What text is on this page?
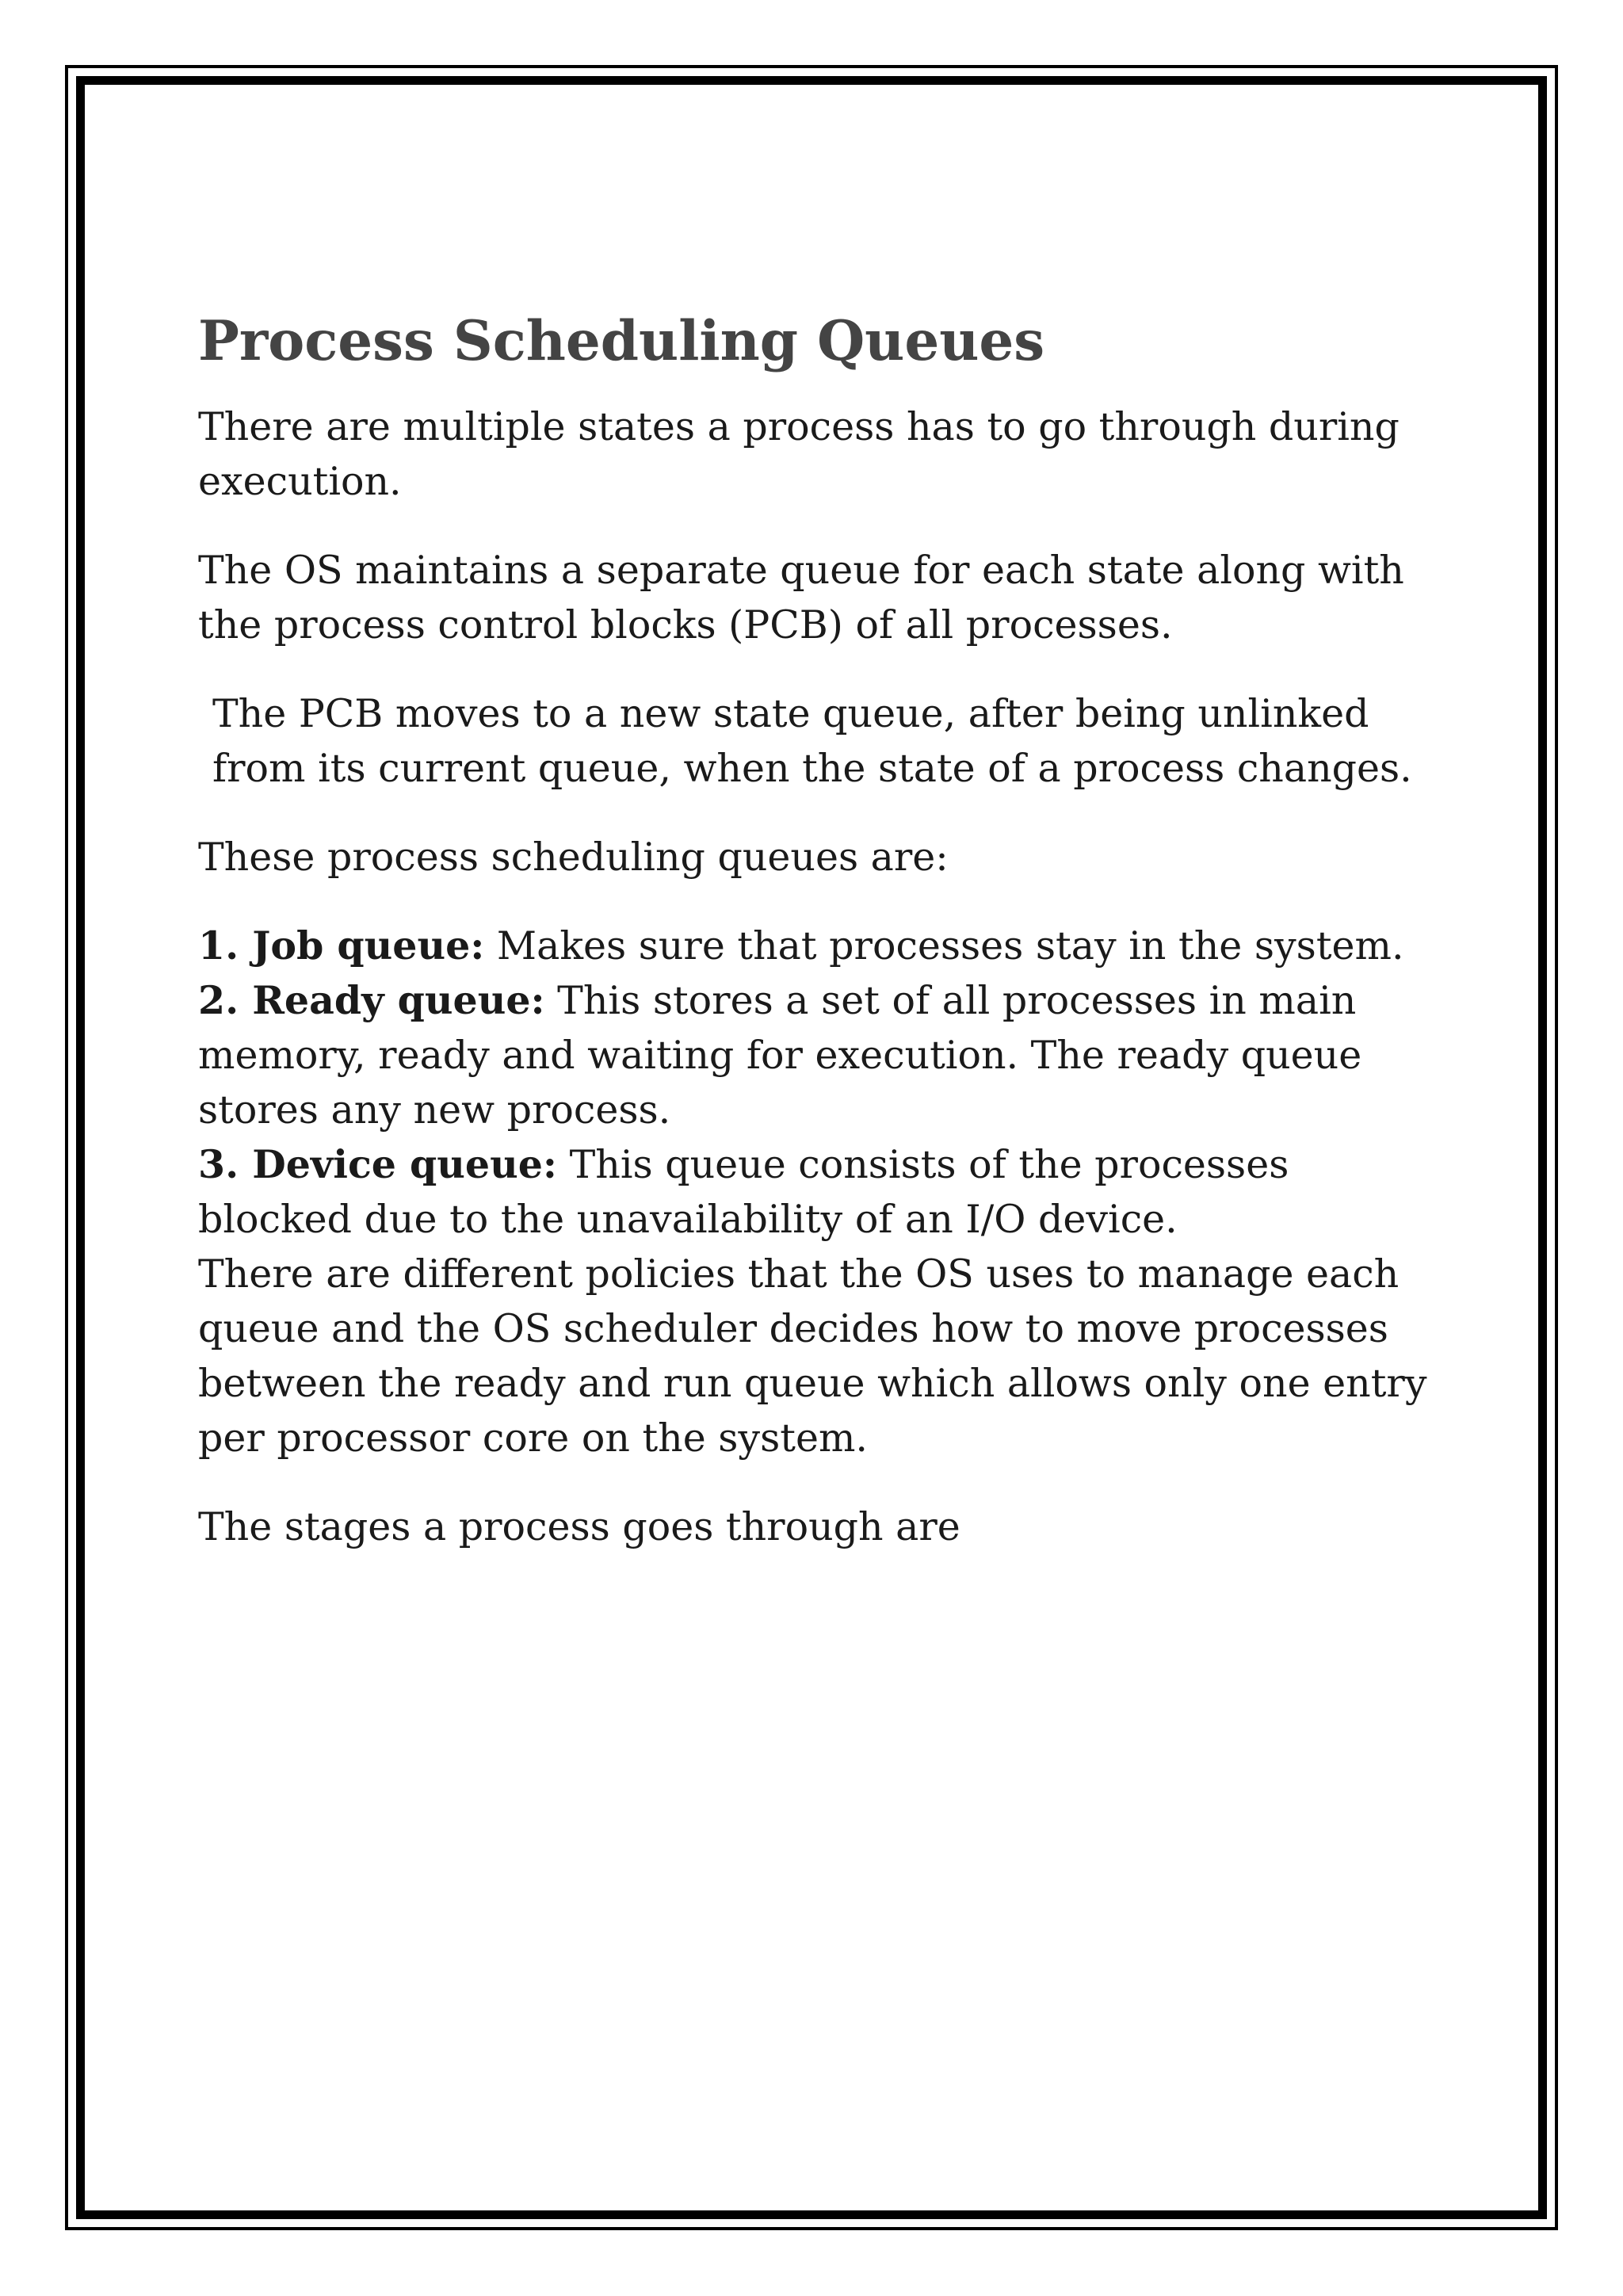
Process Scheduling Queues

There are multiple states a process has to go through during execution.

The OS maintains a separate queue for each state along with the process control blocks (PCB) of all processes.

The PCB moves to a new state queue, after being unlinked from its current queue, when the state of a process changes.

These process scheduling queues are:

1. Job queue: Makes sure that processes stay in the system.
2. Ready queue: This stores a set of all processes in main memory, ready and waiting for execution. The ready queue stores any new process.
3. Device queue: This queue consists of the processes blocked due to the unavailability of an I/O device.
There are different policies that the OS uses to manage each queue and the OS scheduler decides how to move processes between the ready and run queue which allows only one entry per processor core on the system.

The stages a process goes through are
